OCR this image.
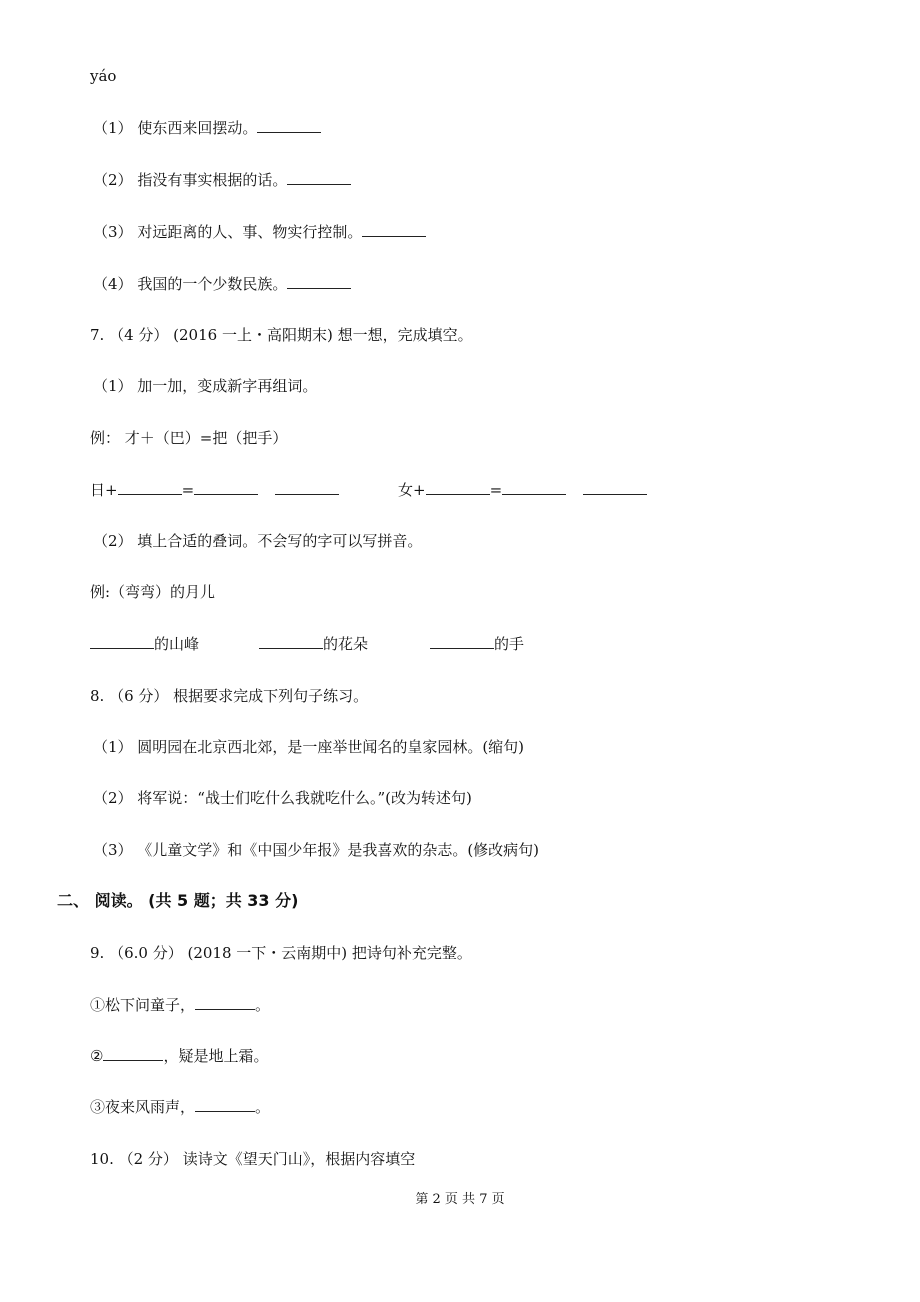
yáo
（1） 使东西来回摆动。
（2） 指没有事实根据的话。
（3） 对远距离的人、事、物实行控制。
（4） 我国的一个少数民族。
7. （4 分） (2016 一上・高阳期末) 想一想，完成填空。
（1） 加一加，变成新字再组词。
例： 才＋（巴）=把（把手）
日+	=	女+	=
（2） 填上合适的叠词。不会写的字可以写拼音。
例:（弯弯）的月儿
的山峰	的花朵	的手
8. （6 分） 根据要求完成下列句子练习。
（1） 圆明园在北京西北郊，是一座举世闻名的皇家园林。(缩句)
（2） 将军说：“战士们吃什么我就吃什么。”(改为转述句)
（3） 《儿童文学》和《中国少年报》是我喜欢的杂志。(修改病句)
二、 阅读。 (共 5 题；共 33 分)
9. （6.0 分） (2018 一下・云南期中) 把诗句补充完整。
①松下问童子，	。
②	，疑是地上霜。
③夜来风雨声，	。
10. （2 分） 读诗文《望天门山》，根据内容填空
第 2 页 共 7 页
